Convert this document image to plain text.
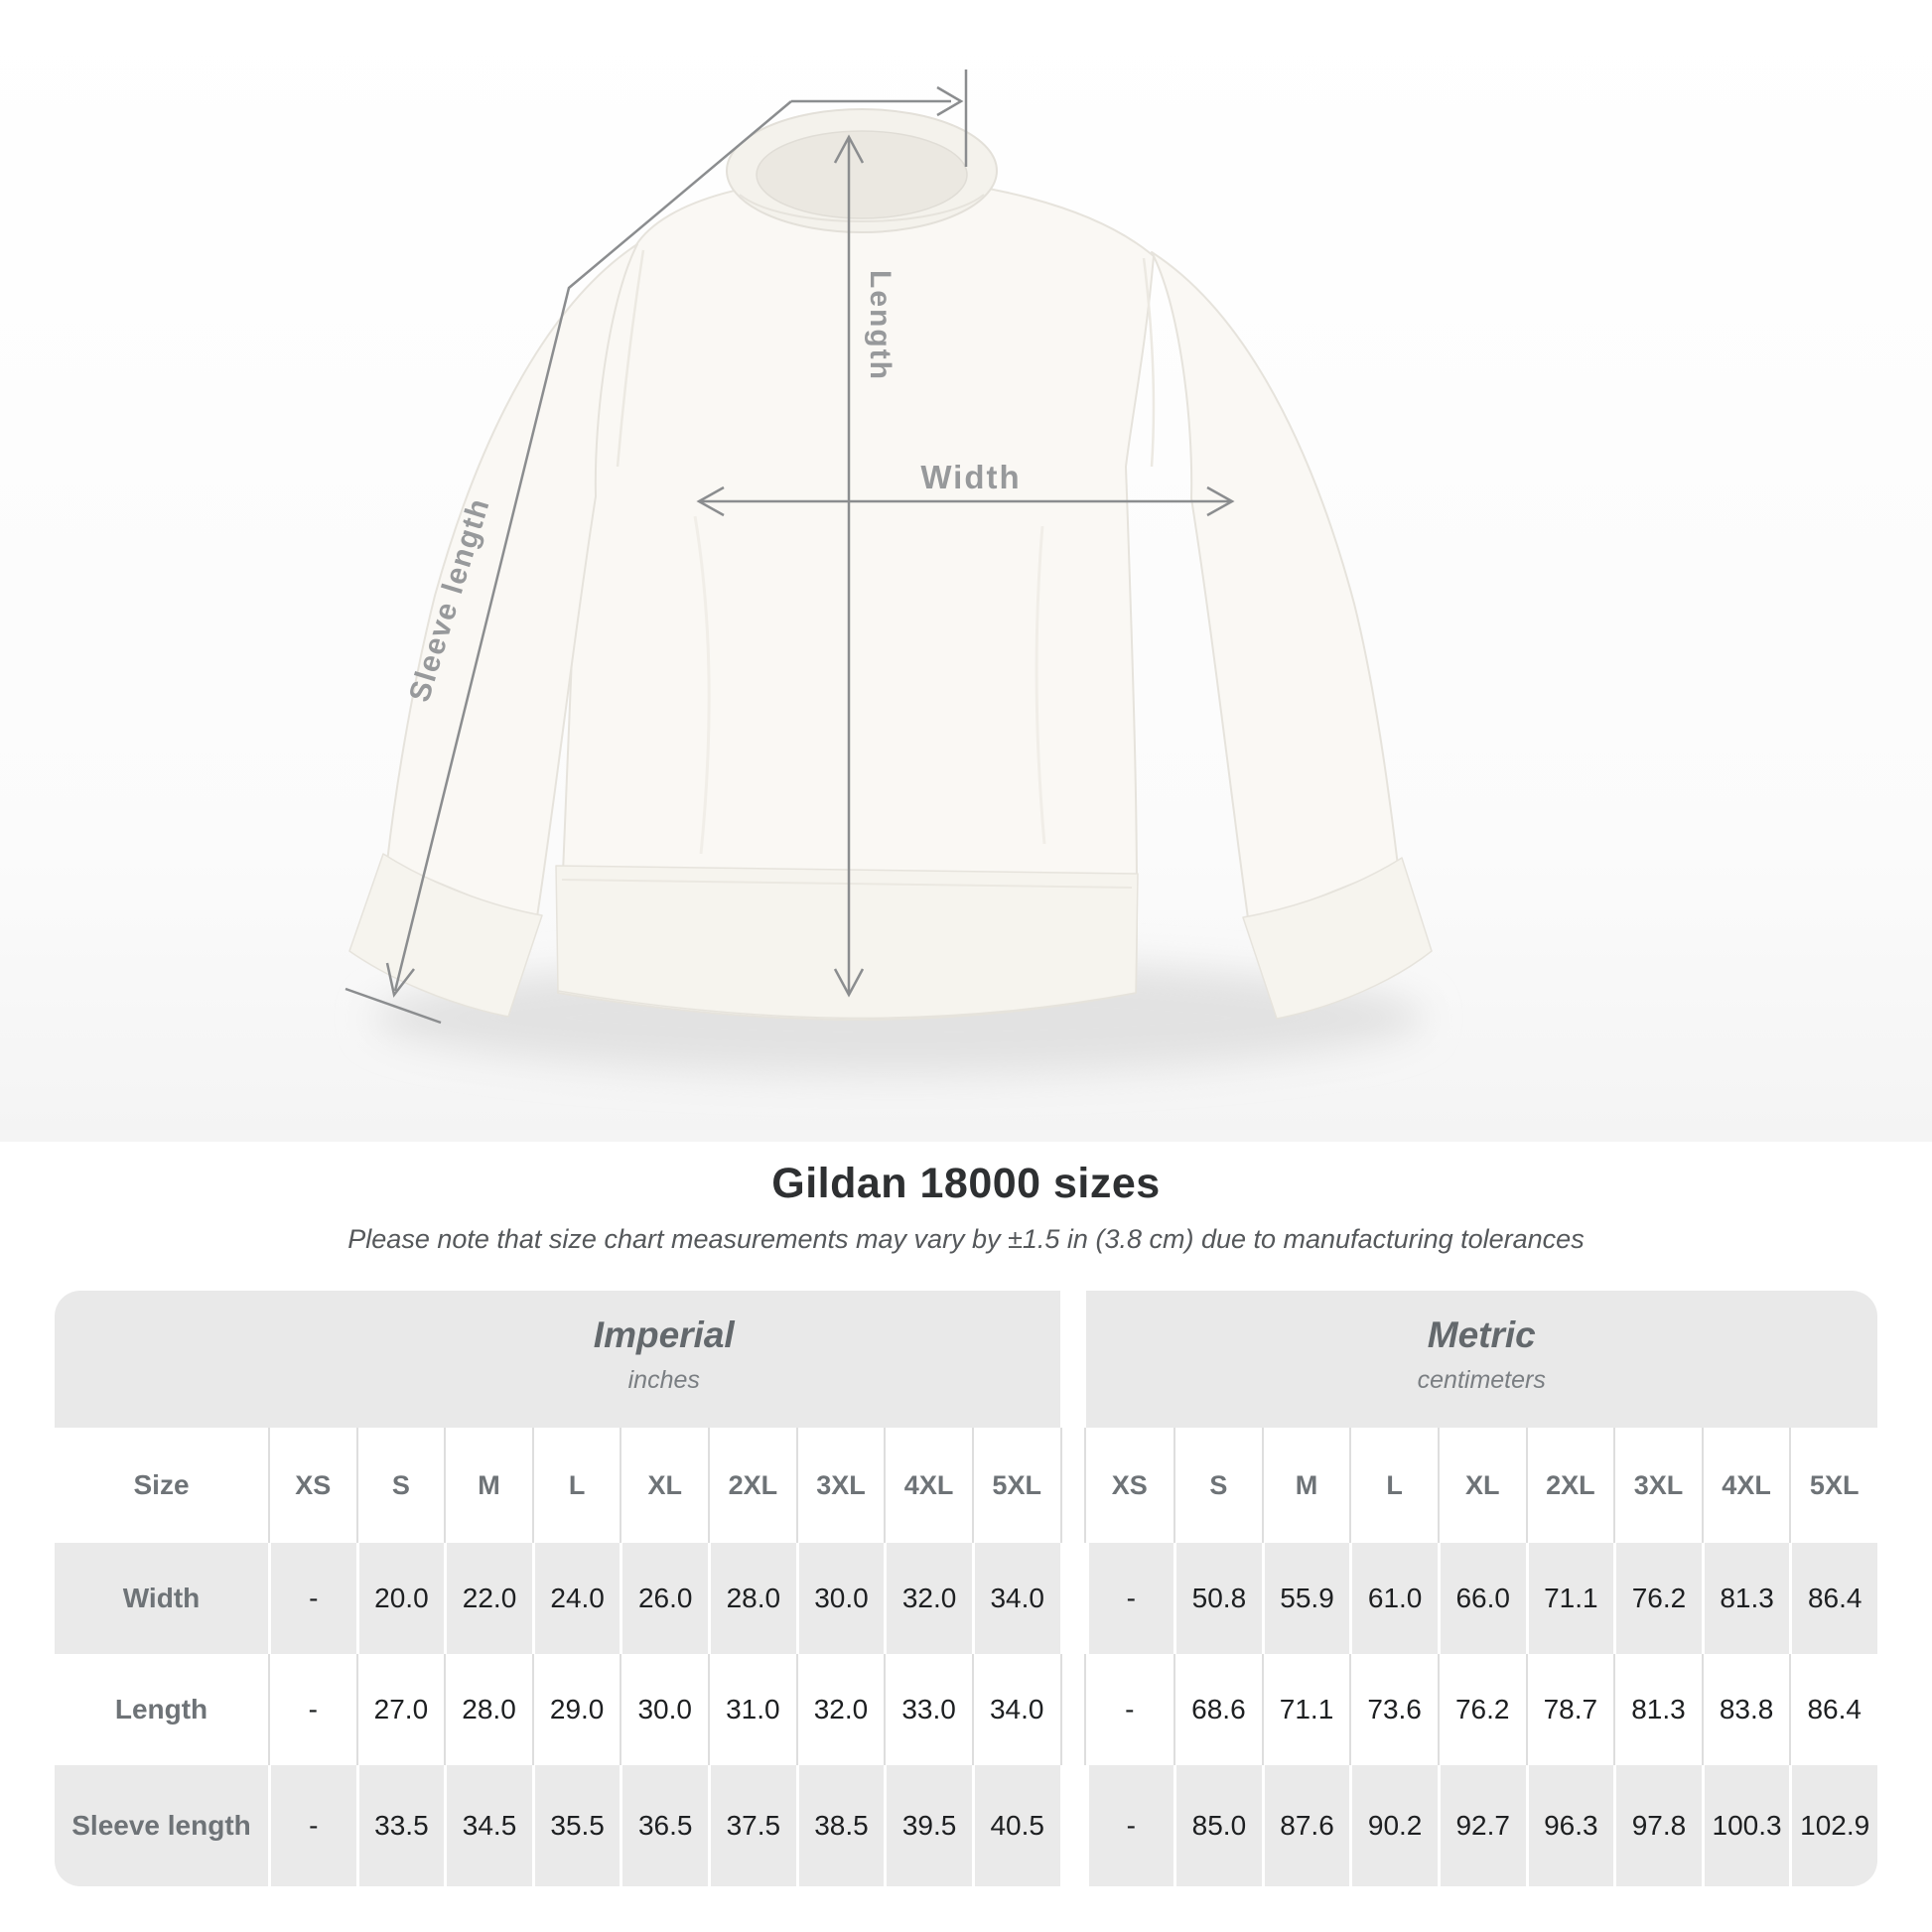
Length
Width
Sleeve length
Gildan 18000 sizes

Please note that size chart measurements may vary by ±1.5 in (3.8 cm) due to manufacturing tolerances

Imperial
inches
Metric
centimeters
Size	XS	S	M	L	XL	2XL	3XL	4XL	5XL	XS	S	M	L	XL	2XL	3XL	4XL	5XL
Width	-	20.0	22.0	24.0	26.0	28.0	30.0	32.0	34.0	-	50.8	55.9	61.0	66.0	71.1	76.2	81.3	86.4
Length	-	27.0	28.0	29.0	30.0	31.0	32.0	33.0	34.0	-	68.6	71.1	73.6	76.2	78.7	81.3	83.8	86.4
Sleeve length	-	33.5	34.5	35.5	36.5	37.5	38.5	39.5	40.5	-	85.0	87.6	90.2	92.7	96.3	97.8 100.3 102.9
